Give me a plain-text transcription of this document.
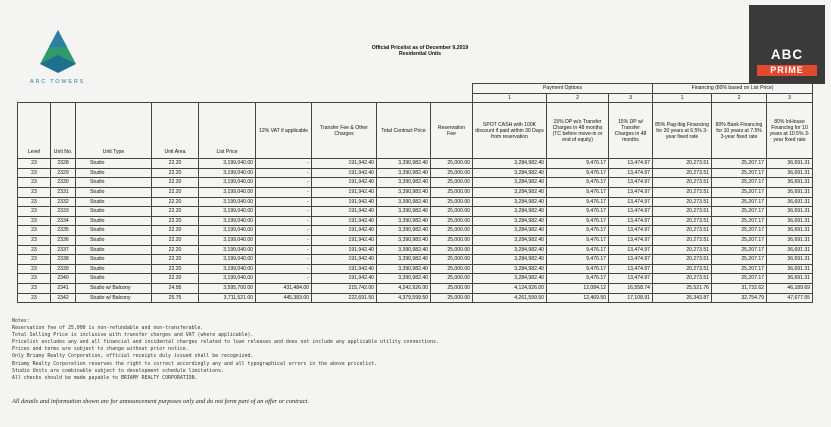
ARC TOWERS
Official Pricelist as of December 9,2019
Residential Units	ABC
PRIME
									Payment Options			Financing (80% based on List Price)		
									1	2	3	1	2	3
Level	Unit No.	Unit Type	Unit Area	List Price	12% VAT if applicable	Transfer Fee & Other Charges	Total Contract Price	Reservation Fee	SPOT CASH with 100K discount if paid within 30 Days from reservation	15% DP w/o Transfer Charges in 48 months (TC before move-in or end of equity)	15% DP w/ Transfer Charges in 48 months	85% Pag-ibig Financing for 30 years at 6.5% 3-year fixed rate	80% Bank Financing for 10 years at 7.5% 3-year fixed rate	80% InHouse Financing for 10 years at 10.5% 3-year fixed rate
23	2328	Studio	22.20	3,199,040.00	-	191,942.40	3,390,982.40	25,000.00	3,284,982.40	9,476.17	13,474.97	20,273.51	25,207.17	36,691.31
23	2329	Studio	22.20	3,199,040.00	-	191,942.40	3,390,982.40	25,000.00	3,284,982.40	9,476.17	13,474.97	20,273.51	25,207.17	36,691.31
23	2330	Studio	22.20	3,199,040.00	-	191,942.40	3,390,982.40	25,000.00	3,284,982.40	9,476.17	13,474.97	20,273.51	25,207.17	36,691.31
23	2331	Studio	22.20	3,199,040.00	-	191,942.40	3,390,982.40	25,000.00	3,284,982.40	9,476.17	13,474.97	20,273.51	25,207.17	36,691.31
23	2332	Studio	22.20	3,199,040.00	-	191,942.40	3,390,982.40	25,000.00	3,284,982.40	9,476.17	13,474.97	20,273.51	25,207.17	36,691.31
23	2333	Studio	22.20	3,199,040.00	-	191,942.40	3,390,982.40	25,000.00	3,284,982.40	9,476.17	13,474.97	20,273.51	25,207.17	36,691.31
23	2334	Studio	22.20	3,199,040.00	-	191,942.40	3,390,982.40	25,000.00	3,284,982.40	9,476.17	13,474.97	20,273.51	25,207.17	36,691.31
23	2335	Studio	22.20	3,199,040.00	-	191,942.40	3,390,982.40	25,000.00	3,284,982.40	9,476.17	13,474.97	20,273.51	25,207.17	36,691.31
23	2336	Studio	22.20	3,199,040.00	-	191,942.40	3,390,982.40	25,000.00	3,284,982.40	9,476.17	13,474.97	20,273.51	25,207.17	36,691.31
23	2337	Studio	22.20	3,199,040.00	-	191,942.40	3,390,982.40	25,000.00	3,284,982.40	9,476.17	13,474.97	20,273.51	25,207.17	36,691.31
23	2338	Studio	22.20	3,199,040.00	-	191,942.40	3,390,982.40	25,000.00	3,284,982.40	9,476.17	13,474.97	20,273.51	25,207.17	36,691.31
23	2339	Studio	22.20	3,199,040.00	-	191,942.40	3,390,982.40	25,000.00	3,284,982.40	9,476.17	13,474.97	20,273.51	25,207.17	36,691.31
23	2340	Studio	22.20	3,199,040.00	-	191,942.40	3,390,982.40	25,000.00	3,284,982.40	9,476.17	13,474.97	20,273.51	25,207.17	36,691.31
23	2341	Studio w/ Balcony	24.95	3,595,700.00	431,484.00	215,742.00	4,242,926.00	25,000.00	4,124,926.00	12,084.12	16,558.74	25,521.76	31,732.62	46,189.69
23	2342	Studio w/ Balcony	25.75	3,711,521.00	445,383.00	222,691.50	4,379,599.50	25,000.00	4,261,599.50	12,469.50	17,108.91	26,343.87	32,754.79	47,677.55
Notes:
Reservation fee of 25,000 is non-refundable and non-transferable.
Total Selling Price is inclusive with transfer charges and VAT (where applicable).
Pricelist excludes any and all financial and incidental charges related to loan releases and does not include any applicable utility connections.
Prices and terms are subject to change without prior notice.
Only Briamy Realty Corporation, official receipts duly issued shall be recognized.
Briamy Realty Corporation reserves the right to correct accordingly any and all typographical errors in the above pricelist.
Studio Units are combinable subject to development schedule limitations.
All checks should be made payable to BRIAMY REALTY CORPORATION.
All details and information shown are for announcement purposes only and do not form part of an offer or contract.
